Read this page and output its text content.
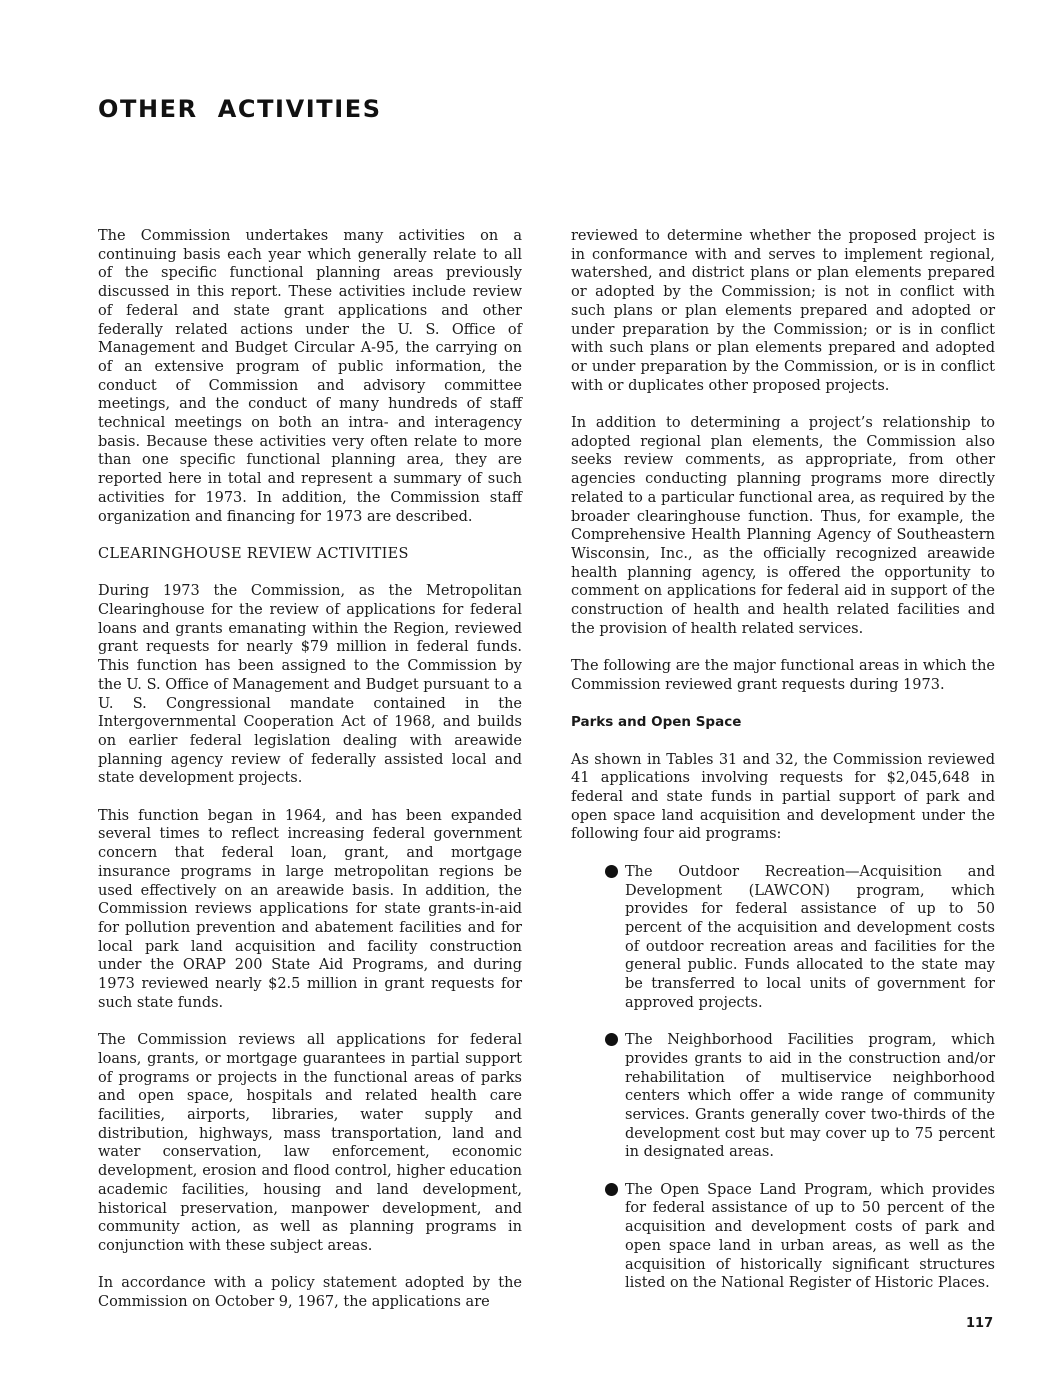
OTHER ACTIVITIES

The Commission undertakes many activities on a continuing basis each year which generally relate to all of the specific functional planning areas previously discussed in this report. These activities include review of federal and state grant applications and other federally related actions under the U. S. Office of Management and Budget Circular A-95, the carrying on of an extensive program of public information, the conduct of Commission and advisory committee meetings, and the conduct of many hundreds of staff technical meetings on both an intra- and interagency basis. Because these activities very often relate to more than one specific functional planning area, they are reported here in total and represent a summary of such activities for 1973. In addition, the Commission staff organization and financing for 1973 are described.

CLEARINGHOUSE REVIEW ACTIVITIES

During 1973 the Commission, as the Metropolitan Clearinghouse for the review of applications for federal loans and grants emanating within the Region, reviewed grant requests for nearly $79 million in federal funds. This function has been assigned to the Commission by the U. S. Office of Management and Budget pursuant to a U. S. Congressional mandate contained in the Intergovernmental Cooperation Act of 1968, and builds on earlier federal legislation dealing with areawide planning agency review of federally assisted local and state development projects.

This function began in 1964, and has been expanded several times to reflect increasing federal government concern that federal loan, grant, and mortgage insurance programs in large metropolitan regions be used effectively on an areawide basis. In addition, the Commission reviews applications for state grants-in-aid for pollution prevention and abatement facilities and for local park land acquisition and facility construction under the ORAP 200 State Aid Programs, and during 1973 reviewed nearly $2.5 million in grant requests for such state funds.

The Commission reviews all applications for federal loans, grants, or mortgage guarantees in partial support of programs or projects in the functional areas of parks and open space, hospitals and related health care facilities, airports, libraries, water supply and distribution, highways, mass transportation, land and water conservation, law enforcement, economic development, erosion and flood control, higher education academic facilities, housing and land development, historical preservation, manpower development, and community action, as well as planning programs in conjunction with these subject areas.

In accordance with a policy statement adopted by the Commission on October 9, 1967, the applications are

reviewed to determine whether the proposed project is in conformance with and serves to implement regional, watershed, and district plans or plan elements prepared or adopted by the Commission; is not in conflict with such plans or plan elements prepared and adopted or under preparation by the Commission; or is in conflict with such plans or plan elements prepared and adopted or under preparation by the Commission, or is in conflict with or duplicates other proposed projects.

In addition to determining a project’s relationship to adopted regional plan elements, the Commission also seeks review comments, as appropriate, from other agencies conducting planning programs more directly related to a particular functional area, as required by the broader clearinghouse function. Thus, for example, the Comprehensive Health Planning Agency of Southeastern Wisconsin, Inc., as the officially recognized areawide health planning agency, is offered the opportunity to comment on applications for federal aid in support of the construction of health and health related facilities and the provision of health related services.

The following are the major functional areas in which the Commission reviewed grant requests during 1973.

Parks and Open Space

As shown in Tables 31 and 32, the Commission reviewed 41 applications involving requests for $2,045,648 in federal and state funds in partial support of park and open space land acquisition and development under the following four aid programs:

The Outdoor Recreation—Acquisition and Development (LAWCON) program, which provides for federal assistance of up to 50 percent of the acquisition and development costs of outdoor recreation areas and facilities for the general public. Funds allocated to the state may be transferred to local units of government for approved projects.
The Neighborhood Facilities program, which provides grants to aid in the construction and/or rehabilitation of multiservice neighborhood centers which offer a wide range of community services. Grants generally cover two-thirds of the development cost but may cover up to 75 percent in designated areas.
The Open Space Land Program, which provides for federal assistance of up to 50 percent of the acquisition and development costs of park and open space land in urban areas, as well as the acquisition of historically significant structures listed on the National Register of Historic Places.
117
